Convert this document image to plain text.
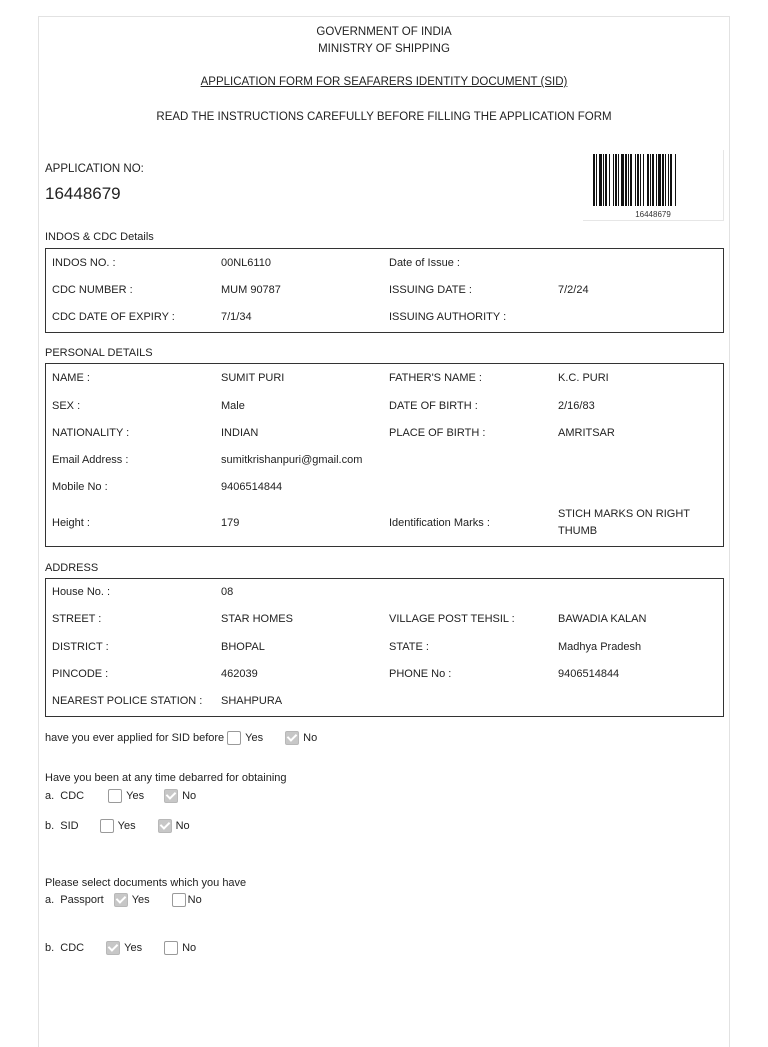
GOVERNMENT OF INDIA
MINISTRY OF SHIPPING
APPLICATION FORM FOR SEAFARERS IDENTITY DOCUMENT (SID)
READ THE INSTRUCTIONS CAREFULLY BEFORE FILLING THE APPLICATION FORM
APPLICATION NO:
16448679
16448679
INDOS & CDC Details
INDOS NO. :	00NL6110	Date of Issue :
CDC NUMBER :	MUM 90787	ISSUING DATE :	7/2/24
CDC DATE OF EXPIRY :	7/1/34	ISSUING AUTHORITY :
PERSONAL DETAILS
NAME :	SUMIT PURI	FATHER'S NAME :	K.C. PURI
SEX :	Male	DATE OF BIRTH :	2/16/83
NATIONALITY :	INDIAN	PLACE OF BIRTH :	AMRITSAR
Email Address :	sumitkrishanpuri@gmail.com
Mobile No :	9406514844
Height :	179	Identification Marks :
STICH MARKS ON RIGHT THUMB
ADDRESS
House No. :	08
STREET :	STAR HOMES	VILLAGE POST TEHSIL :	BAWADIA KALAN
DISTRICT :	BHOPAL	STATE :	Madhya Pradesh
PINCODE :	462039	PHONE No :	9406514844
NEAREST POLICE STATION : SHAHPURA
have you ever applied for SID before Yes	No
Have you been at any time debarred for obtaining
a.  CDC	Yes	No
b.  SID	Yes	No
Please select documents which you have
a.  Passport	Yes	No
b.  CDC	Yes	No
